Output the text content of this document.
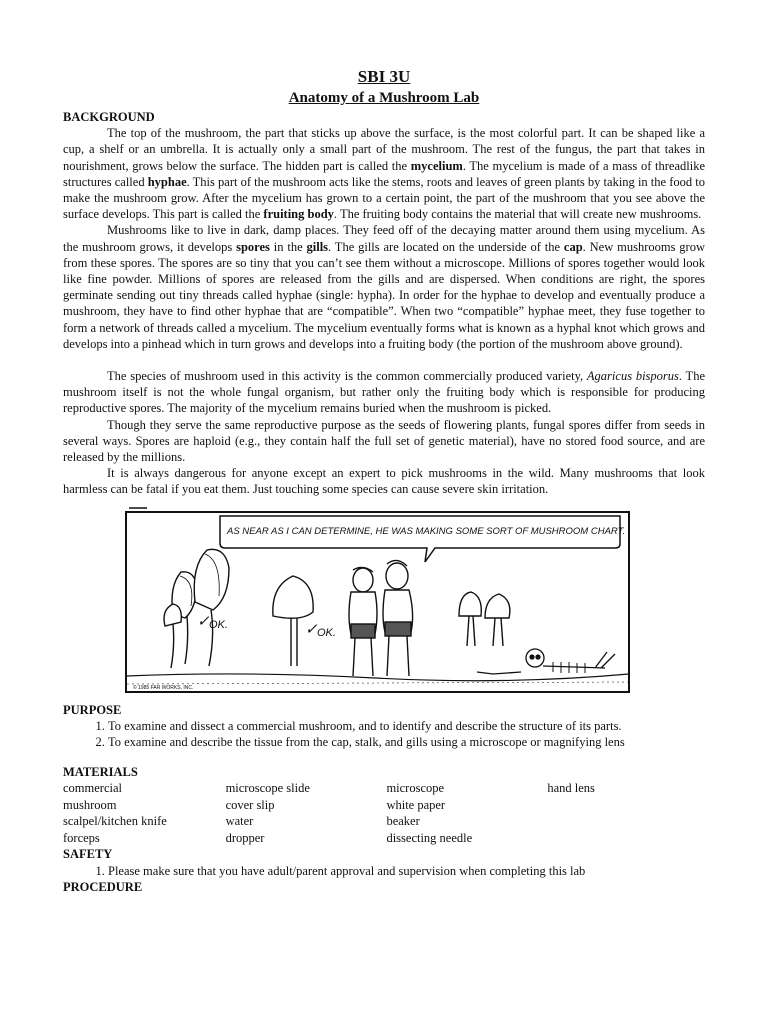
SBI 3U
Anatomy of a Mushroom Lab
BACKGROUND

The top of the mushroom, the part that sticks up above the surface, is the most colorful part. It can be shaped like a cup, a shelf or an umbrella. It is actually only a small part of the mushroom. The rest of the fungus, the part that takes in nourishment, grows below the surface. The hidden part is called the mycelium. The mycelium is made of a mass of threadlike structures called hyphae. This part of the mushroom acts like the stems, roots and leaves of green plants by taking in the food to make the mushroom grow. After the mycelium has grown to a certain point, the part of the mushroom that you see above the surface develops. This part is called the fruiting body. The fruiting body contains the material that will create new mushrooms.

Mushrooms like to live in dark, damp places. They feed off of the decaying matter around them using mycelium. As the mushroom grows, it develops spores in the gills. The gills are located on the underside of the cap. New mushrooms grow from these spores. The spores are so tiny that you can’t see them without a microscope. Millions of spores together would look like fine powder. Millions of spores are released from the gills and are dispersed. When conditions are right, the spores germinate sending out tiny threads called hyphae (single: hypha). In order for the hyphae to develop and eventually produce a mushroom, they have to find other hyphae that are “compatible”. When two “compatible” hyphae meet, they fuse together to form a network of threads called a mycelium. The mycelium eventually forms what is known as a hyphal knot which grows and develops into a pinhead which in turn grows and develops into a fruiting body (the portion of the mushroom above ground).

The species of mushroom used in this activity is the common commercially produced variety, Agaricus bisporus. The mushroom itself is not the whole fungal organism, but rather only the fruiting body which is responsible for producing reproductive spores. The majority of the mycelium remains buried when the mushroom is picked.

Though they serve the same reproductive purpose as the seeds of flowering plants, fungal spores differ from seeds in several ways. Spores are haploid (e.g., they contain half the full set of genetic material), have no stored food source, and are released by the millions.

It is always dangerous for anyone except an expert to pick mushrooms in the wild. Many mushrooms that look harmless can be fatal if you eat them. Just touching some species can cause severe skin irritation.

AS NEAR AS I CAN DETERMINE, HE WAS MAKING SOME SORT OF MUSHROOM CHART.
✓ OK.	✓ OK.
© 1985 FAR WORKS, INC.
PURPOSE
1. To examine and dissect a commercial mushroom, and to identify and describe the structure of its parts.
2. To examine and describe the tissue from the cap, stalk, and gills using a microscope or magnifying lens
MATERIALS
commercial	microscope slide	microscope	hand lens
mushroom	cover slip	white paper	
scalpel/kitchen knife	water	beaker	
forceps	dropper	dissecting needle	
SAFETY
1. Please make sure that you have adult/parent approval and supervision when completing this lab
PROCEDURE
